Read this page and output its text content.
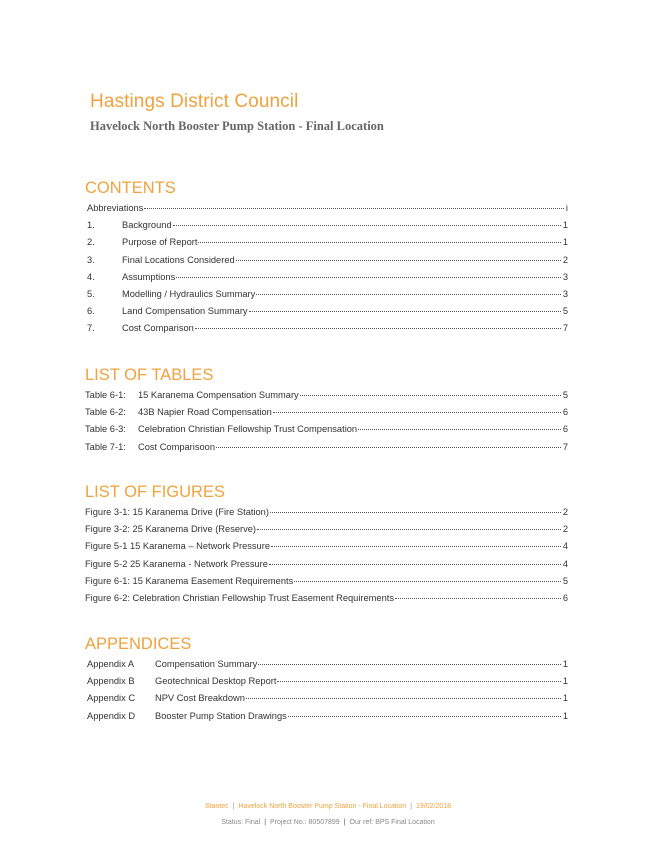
Hastings District Council
Havelock North Booster Pump Station - Final Location
CONTENTS
Abbreviations	i
1.	Background	1
2.	Purpose of Report	1
3.	Final Locations Considered	2
4.	Assumptions	3
5.	Modelling / Hydraulics Summary	3
6.	Land Compensation Summary	5
7.	Cost Comparison	7
LIST OF TABLES
Table 6-1:	15 Karanema Compensation Summary	5
Table 6-2:	43B Napier Road Compensation	6
Table 6-3:	Celebration Christian Fellowship Trust Compensation	6
Table 7-1:	Cost Comparisoon	7
LIST OF FIGURES
Figure 3-1: 15 Karanema Drive (Fire Station)	2
Figure 3-2: 25 Karanema Drive (Reserve)	2
Figure 5-1 15 Karanema – Network Pressure	4
Figure 5-2 25 Karanema - Network Pressure	4
Figure 6-1: 15 Karanema Easement Requirements	5
Figure 6-2: Celebration Christian Fellowship Trust Easement Requirements	6
APPENDICES
Appendix A	Compensation Summary	1
Appendix B	Geotechnical Desktop Report	1
Appendix C	NPV Cost Breakdown	1
Appendix D	Booster Pump Station Drawings	1
Stantec | Havelock North Booster Pump Station - Final Location | 19/02/2018
Status: Final | Project No.: 80507899 | Our ref: BPS Final Location
